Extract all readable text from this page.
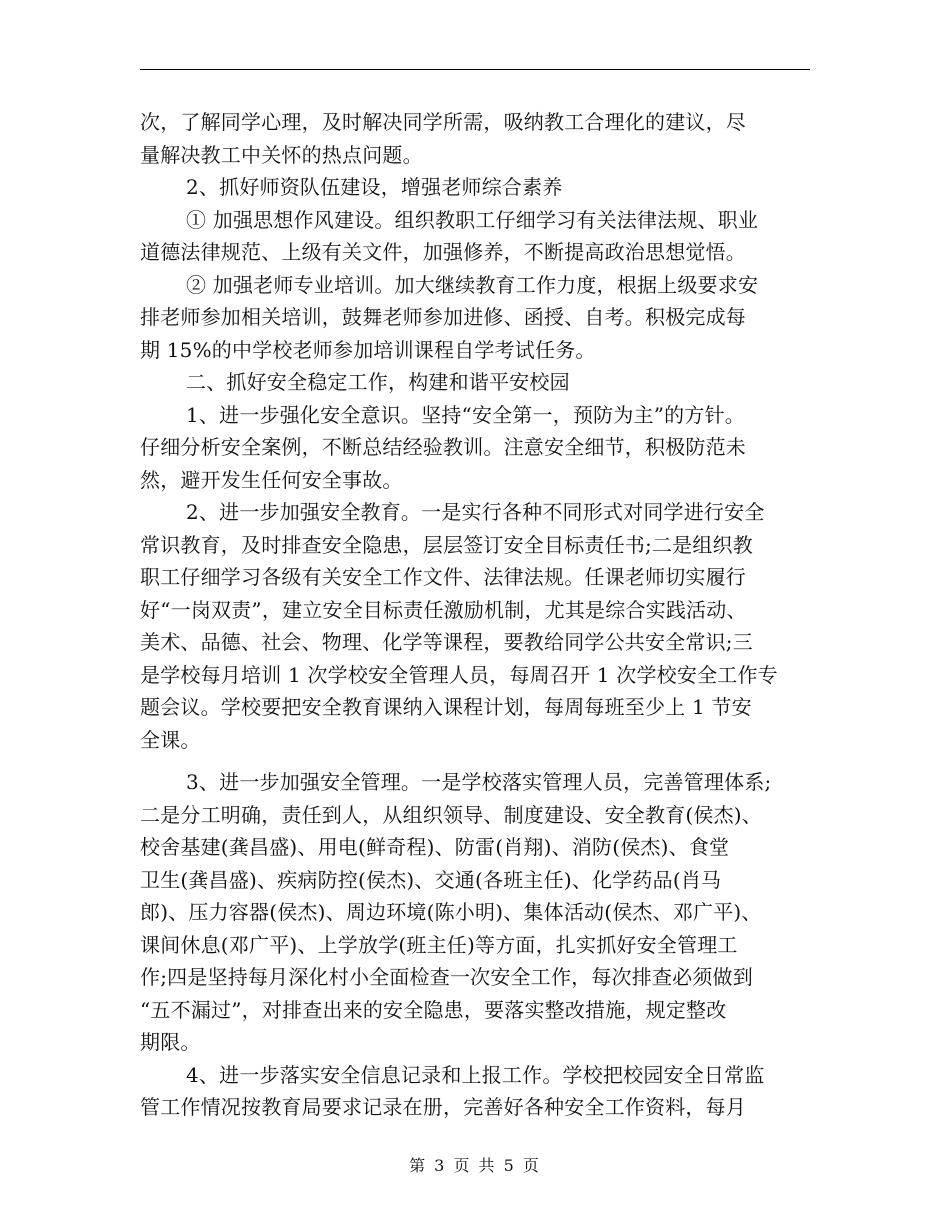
次，了解同学心理，及时解决同学所需，吸纳教工合理化的建议，尽
量解决教工中关怀的热点问题。
2、抓好师资队伍建设，增强老师综合素养
① 加强思想作风建设。组织教职工仔细学习有关法律法规、职业
道德法律规范、上级有关文件，加强修养，不断提高政治思想觉悟。
② 加强老师专业培训。加大继续教育工作力度，根据上级要求安
排老师参加相关培训，鼓舞老师参加进修、函授、自考。积极完成每
期 15%的中学校老师参加培训课程自学考试任务。
二、抓好安全稳定工作，构建和谐平安校园
1、进一步强化安全意识。坚持“安全第一，预防为主”的方针。
仔细分析安全案例，不断总结经验教训。注意安全细节，积极防范未
然，避开发生任何安全事故。
2、进一步加强安全教育。一是实行各种不同形式对同学进行安全
常识教育，及时排查安全隐患，层层签订安全目标责任书;二是组织教
职工仔细学习各级有关安全工作文件、法律法规。任课老师切实履行
好“一岗双责”，建立安全目标责任激励机制，尤其是综合实践活动、
美术、品德、社会、物理、化学等课程，要教给同学公共安全常识;三
是学校每月培训 1 次学校安全管理人员，每周召开 1 次学校安全工作专
题会议。学校要把安全教育课纳入课程计划，每周每班至少上 1 节安
全课。
3、进一步加强安全管理。一是学校落实管理人员，完善管理体系;
二是分工明确，责任到人，从组织领导、制度建设、安全教育(侯杰)、
校舍基建(龚昌盛)、用电(鲜奇程)、防雷(肖翔)、消防(侯杰)、食堂
卫生(龚昌盛)、疾病防控(侯杰)、交通(各班主任)、化学药品(肖马
郎)、压力容器(侯杰)、周边环境(陈小明)、集体活动(侯杰、邓广平)、
课间休息(邓广平)、上学放学(班主任)等方面，扎实抓好安全管理工
作;四是坚持每月深化村小全面检查一次安全工作，每次排查必须做到
“五不漏过”，对排查出来的安全隐患，要落实整改措施，规定整改
期限。
4、进一步落实安全信息记录和上报工作。学校把校园安全日常监
管工作情况按教育局要求记录在册，完善好各种安全工作资料，每月
第 3 页 共 5 页
